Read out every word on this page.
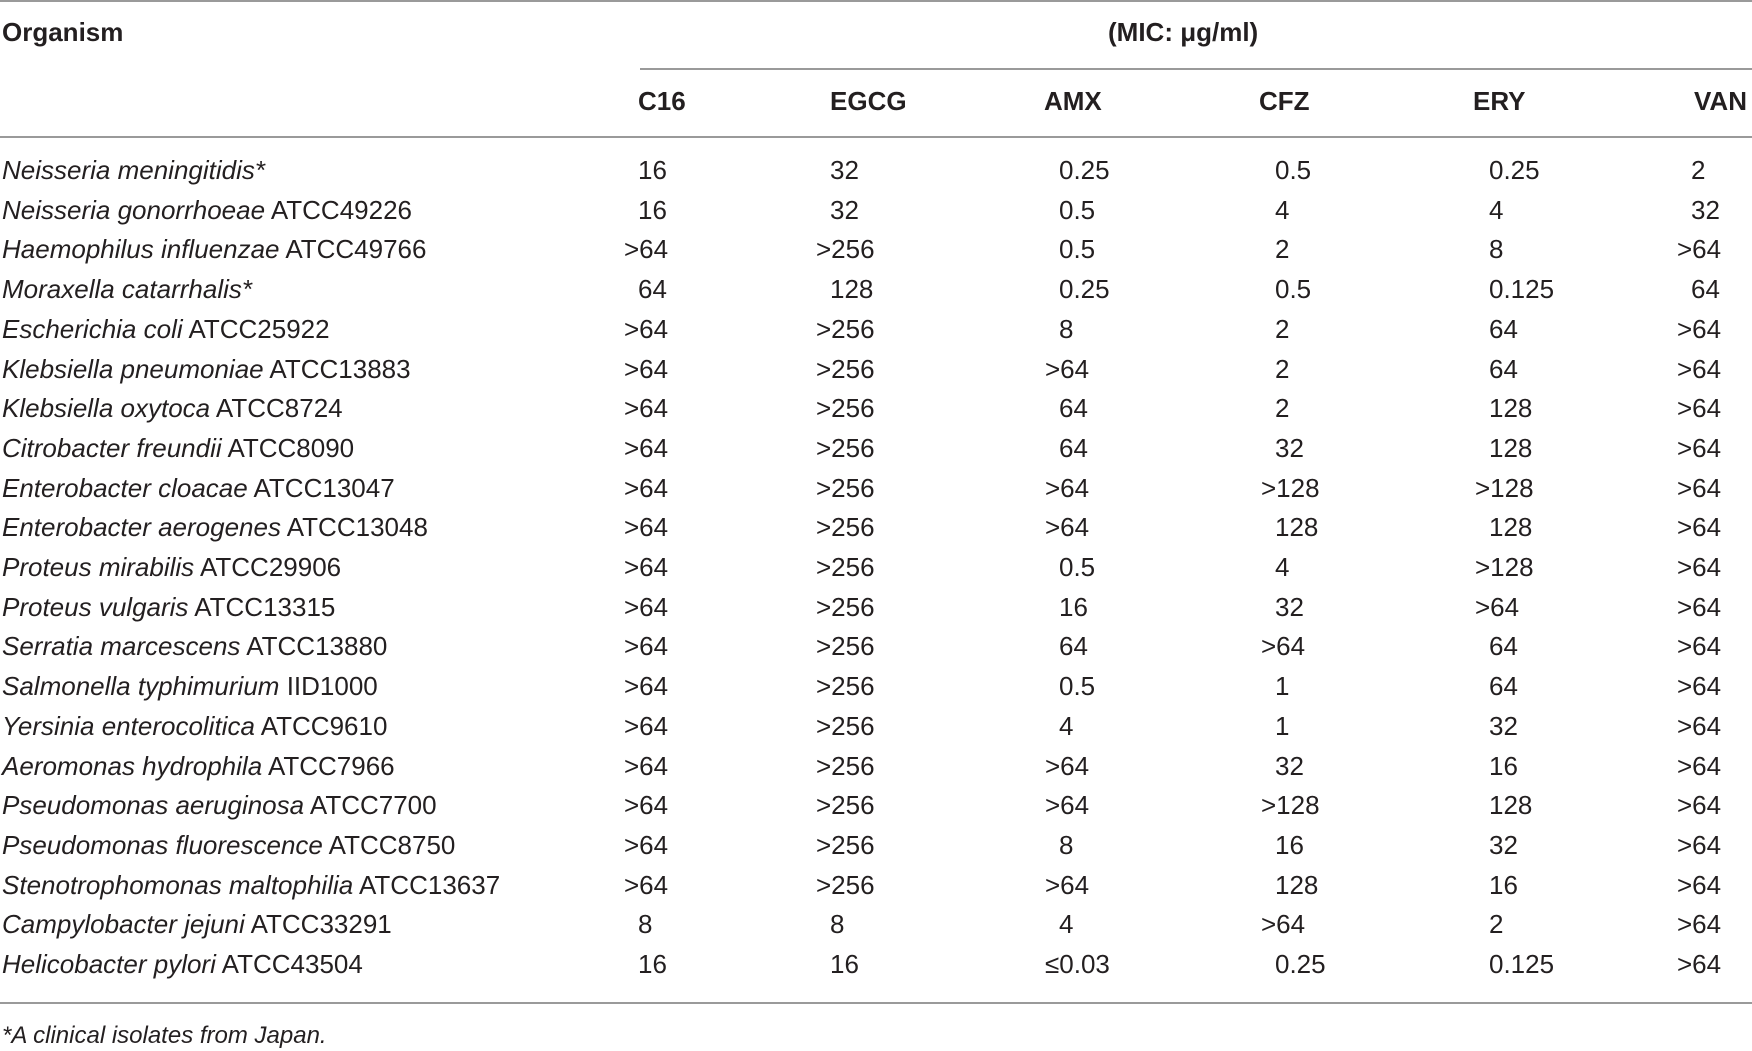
Organism	(MIC: μg/ml)
C16	EGCG	AMX	CFZ	ERY	VAN
Neisseria meningitidis*	16	32	0.25	0.5	0.25	2
Neisseria gonorrhoeae ATCC49226	16	32	0.5	4	4	32
Haemophilus influenzae ATCC49766	>64	>256	0.5	2	8	>64
Moraxella catarrhalis*	64	128	0.25	0.5	0.125	64
Escherichia coli ATCC25922	>64	>256	8	2	64	>64
Klebsiella pneumoniae ATCC13883	>64	>256	>64	2	64	>64
Klebsiella oxytoca ATCC8724	>64	>256	64	2	128	>64
Citrobacter freundii ATCC8090	>64	>256	64	32	128	>64
Enterobacter cloacae ATCC13047	>64	>256	>64	>128	>128	>64
Enterobacter aerogenes ATCC13048	>64	>256	>64	128	128	>64
Proteus mirabilis ATCC29906	>64	>256	0.5	4	>128	>64
Proteus vulgaris ATCC13315	>64	>256	16	32	>64	>64
Serratia marcescens ATCC13880	>64	>256	64	>64	64	>64
Salmonella typhimurium IID1000	>64	>256	0.5	1	64	>64
Yersinia enterocolitica ATCC9610	>64	>256	4	1	32	>64
Aeromonas hydrophila ATCC7966	>64	>256	>64	32	16	>64
Pseudomonas aeruginosa ATCC7700	>64	>256	>64	>128	128	>64
Pseudomonas fluorescence ATCC8750	>64	>256	8	16	32	>64
Stenotrophomonas maltophilia ATCC13637	>64	>256	>64	128	16	>64
Campylobacter jejuni ATCC33291	8	8	4	>64	2	>64
Helicobacter pylori ATCC43504	16	16	≤0.03	0.25	0.125	>64
*A clinical isolates from Japan.
